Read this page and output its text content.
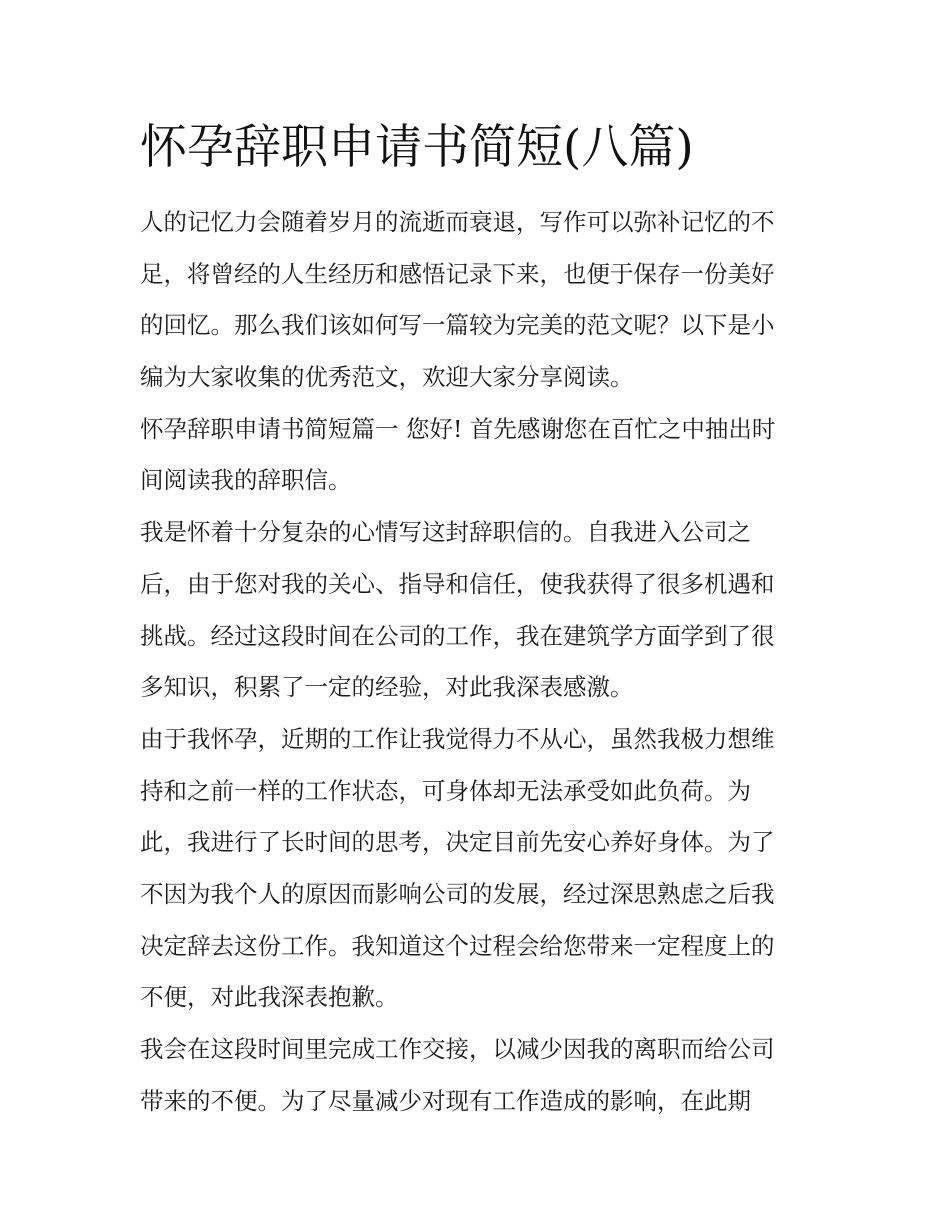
怀孕辞职申请书简短(八篇)
人的记忆力会随着岁月的流逝而衰退，写作可以弥补记忆的不
足，将曾经的人生经历和感悟记录下来，也便于保存一份美好
的回忆。那么我们该如何写一篇较为完美的范文呢？以下是小
编为大家收集的优秀范文，欢迎大家分享阅读。
怀孕辞职申请书简短篇一 您好! 首先感谢您在百忙之中抽出时
间阅读我的辞职信。
我是怀着十分复杂的心情写这封辞职信的。自我进入公司之
后，由于您对我的关心、指导和信任，使我获得了很多机遇和
挑战。经过这段时间在公司的工作，我在建筑学方面学到了很
多知识，积累了一定的经验，对此我深表感激。
由于我怀孕，近期的工作让我觉得力不从心，虽然我极力想维
持和之前一样的工作状态，可身体却无法承受如此负荷。为
此，我进行了长时间的思考，决定目前先安心养好身体。为了
不因为我个人的原因而影响公司的发展，经过深思熟虑之后我
决定辞去这份工作。我知道这个过程会给您带来一定程度上的
不便，对此我深表抱歉。
我会在这段时间里完成工作交接，以减少因我的离职而给公司
带来的不便。为了尽量减少对现有工作造成的影响，在此期
